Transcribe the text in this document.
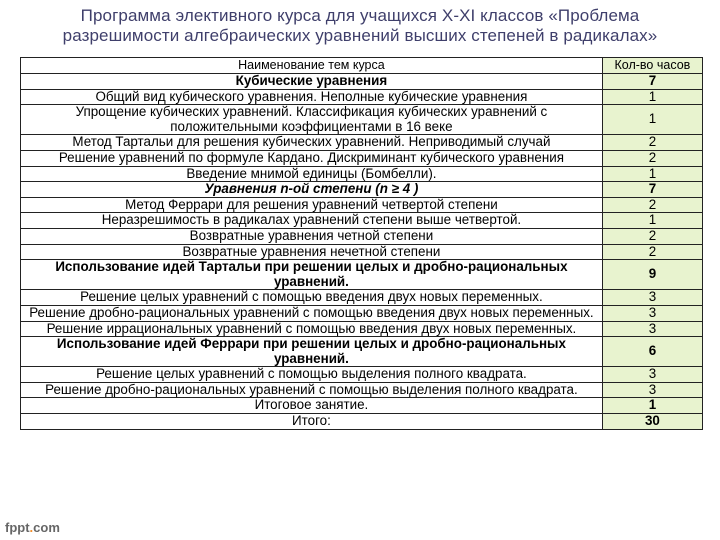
Программа элективного курса для учащихся X-XI классов «Проблема
разрешимости алгебраических уравнений высших степеней в радикалах»
Наименование тем курса	Кол-во часов
Кубические уравнения	7
Общий вид кубического уравнения. Неполные кубические уравнения	1
Упрощение кубических уравнений. Классификация кубических уравнений с положительными коэффициентами в 16 веке	1
Метод Тартальи для решения кубических уравнений. Неприводимый случай	2
Решение уравнений по формуле Кардано. Дискриминант кубического уравнения	2
Введение мнимой единицы (Бомбелли).	1
Уравнения n-ой степени (n ≥ 4 )	7
Метод Феррари для решения уравнений четвертой степени	2
Неразрешимость в радикалах уравнений степени выше четвертой.	1
Возвратные уравнения четной степени	2
Возвратные уравнения нечетной степени	2
Использование идей Тартальи при решении целых и дробно-рациональных уравнений.	9
Решение целых уравнений с помощью введения двух новых переменных.	3
Решение дробно-рациональных уравнений с помощью введения двух новых переменных.	3
Решение иррациональных уравнений с помощью введения двух новых переменных.	3
Использование идей Феррари при решении целых и дробно-рациональных уравнений.	6
Решение целых уравнений с помощью выделения полного квадрата.	3
Решение дробно-рациональных уравнений с помощью выделения полного квадрата.	3
Итоговое занятие.	1
Итого:	30
fppt.com
